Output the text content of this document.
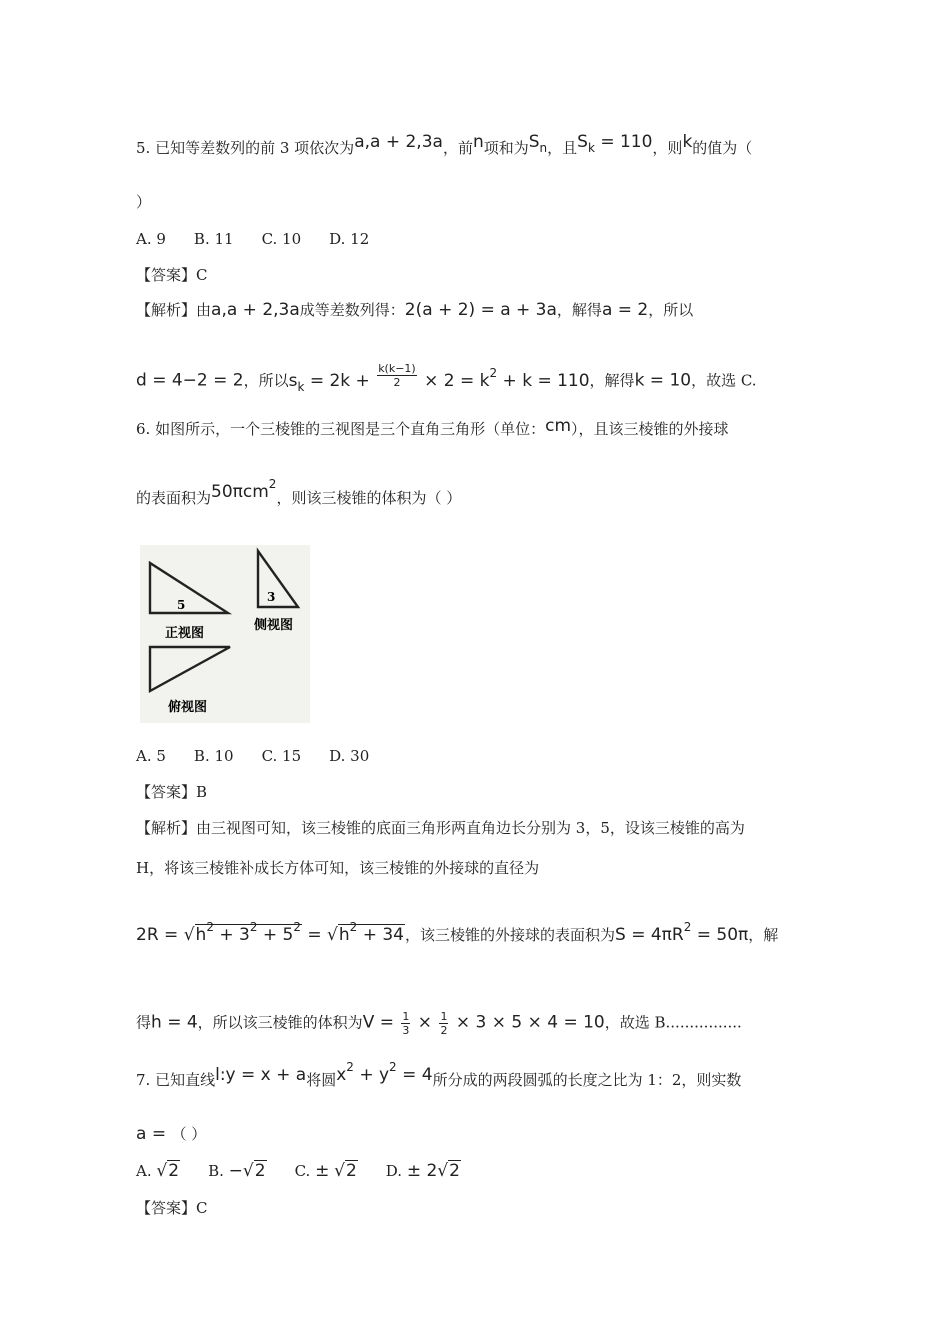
5. 已知等差数列的前 3 项依次为a,a + 2,3a，前n项和为$S_n$，且$S_k = 110$，则k的值为（
）
A. 9 B. 11 C. 10 D. 12
【答案】C
【解析】由a,a + 2,3a成等差数列得：2(a + 2) = a + 3a，解得a = 2，所以
d = 4−2 = 2，所以$s_k = 2k + \frac{k(k-1)}{2} \times 2 = k^2 + k = 110$，解得k = 10，故选 C.
6. 如图所示，一个三棱锥的三视图是三个直角三角形（单位：cm），且该三棱锥的外接球
的表面积为50πcm$^2$，则该三棱锥的体积为（ ）
5
正视图
3
侧视图
俯视图
A. 5 B. 10 C. 15 D. 30
【答案】B
【解析】由三视图可知，该三棱锥的底面三角形两直角边长分别为 3，5，设该三棱锥的高为
H，将该三棱锥补成长方体可知，该三棱锥的外接球的直径为
$2R = √h^2 + 3^2 + 5^2 = √h^2 + 34$，该三棱锥的外接球的表面积为$S = 4\pi R^2 = 50\pi$，解
得h = 4，所以该三棱锥的体积为$V = \frac{1}{3} \times \frac{1}{2} \times 3 \times 5 \times 4 = 10$，故选 B................
7. 已知直线l:y = x + a将圆$x^2 + y^2 = 4$所分成的两段圆弧的长度之比为 1：2，则实数
a = （ ）
A. √2 B. −√2 C. ± √2 D. ± 2√2
【答案】C
